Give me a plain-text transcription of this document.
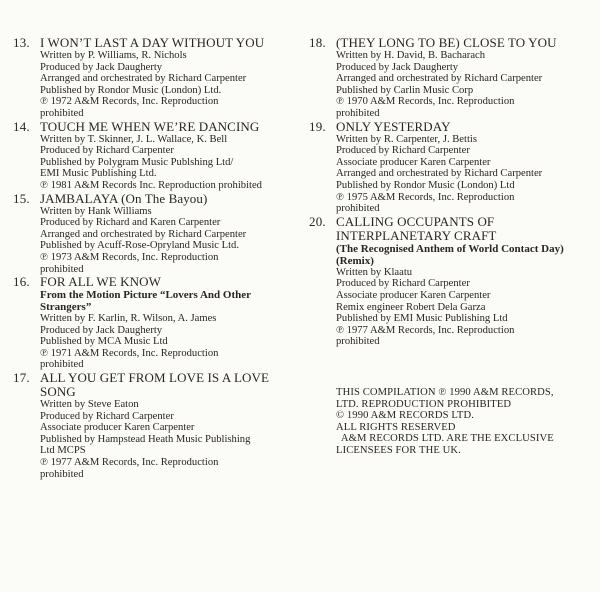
13. I WON’T LAST A DAY WITHOUT YOU
Written by P. Williams, R. Nichols
Produced by Jack Daugherty
Arranged and orchestrated by Richard Carpenter
Published by Rondor Music (London) Ltd.
℗ 1972 A&M Records, Inc. Reproduction
prohibited
14. TOUCH ME WHEN WE’RE DANCING
Written by T. Skinner, J. L. Wallace, K. Bell
Produced by Richard Carpenter
Published by Polygram Music Publshing Ltd/
EMI Music Publishing Ltd.
℗ 1981 A&M Records Inc. Reproduction prohibited
15. JAMBALAYA (On The Bayou)
Written by Hank Williams
Produced by Richard and Karen Carpenter
Arranged and orchestrated by Richard Carpenter
Published by Acuff-Rose-Opryland Music Ltd.
℗ 1973 A&M Records, Inc. Reproduction
prohibited
16. FOR ALL WE KNOW
From the Motion Picture “Lovers And Other
Strangers”
Written by F. Karlin, R. Wilson, A. James
Produced by Jack Daugherty
Published by MCA Music Ltd
℗ 1971 A&M Records, Inc. Reproduction
prohibited
17. ALL YOU GET FROM LOVE IS A LOVE
SONG
Written by Steve Eaton
Produced by Richard Carpenter
Associate producer Karen Carpenter
Published by Hampstead Heath Music Publishing
Ltd MCPS
℗ 1977 A&M Records, Inc. Reproduction
prohibited
18. (THEY LONG TO BE) CLOSE TO YOU
Written by H. David, B. Bacharach
Produced by Jack Daugherty
Arranged and orchestrated by Richard Carpenter
Published by Carlin Music Corp
℗ 1970 A&M Records, Inc. Reproduction
prohibited
19. ONLY YESTERDAY
Written by R. Carpenter, J. Bettis
Produced by Richard Carpenter
Associate producer Karen Carpenter
Arranged and orchestrated by Richard Carpenter
Published by Rondor Music (London) Ltd
℗ 1975 A&M Records, Inc. Reproduction
prohibited
20. CALLING OCCUPANTS OF
INTERPLANETARY CRAFT
(The Recognised Anthem of World Contact Day)
(Remix)
Written by Klaatu
Produced by Richard Carpenter
Associate producer Karen Carpenter
Remix engineer Robert Dela Garza
Published by EMI Music Publishing Ltd
℗ 1977 A&M Records, Inc. Reproduction
prohibited
THIS COMPILATION ℗ 1990 A&M RECORDS,
LTD. REPRODUCTION PROHIBITED
© 1990 A&M RECORDS LTD.
ALL RIGHTS RESERVED
A&M RECORDS LTD. ARE THE EXCLUSIVE
LICENSEES FOR THE UK.
